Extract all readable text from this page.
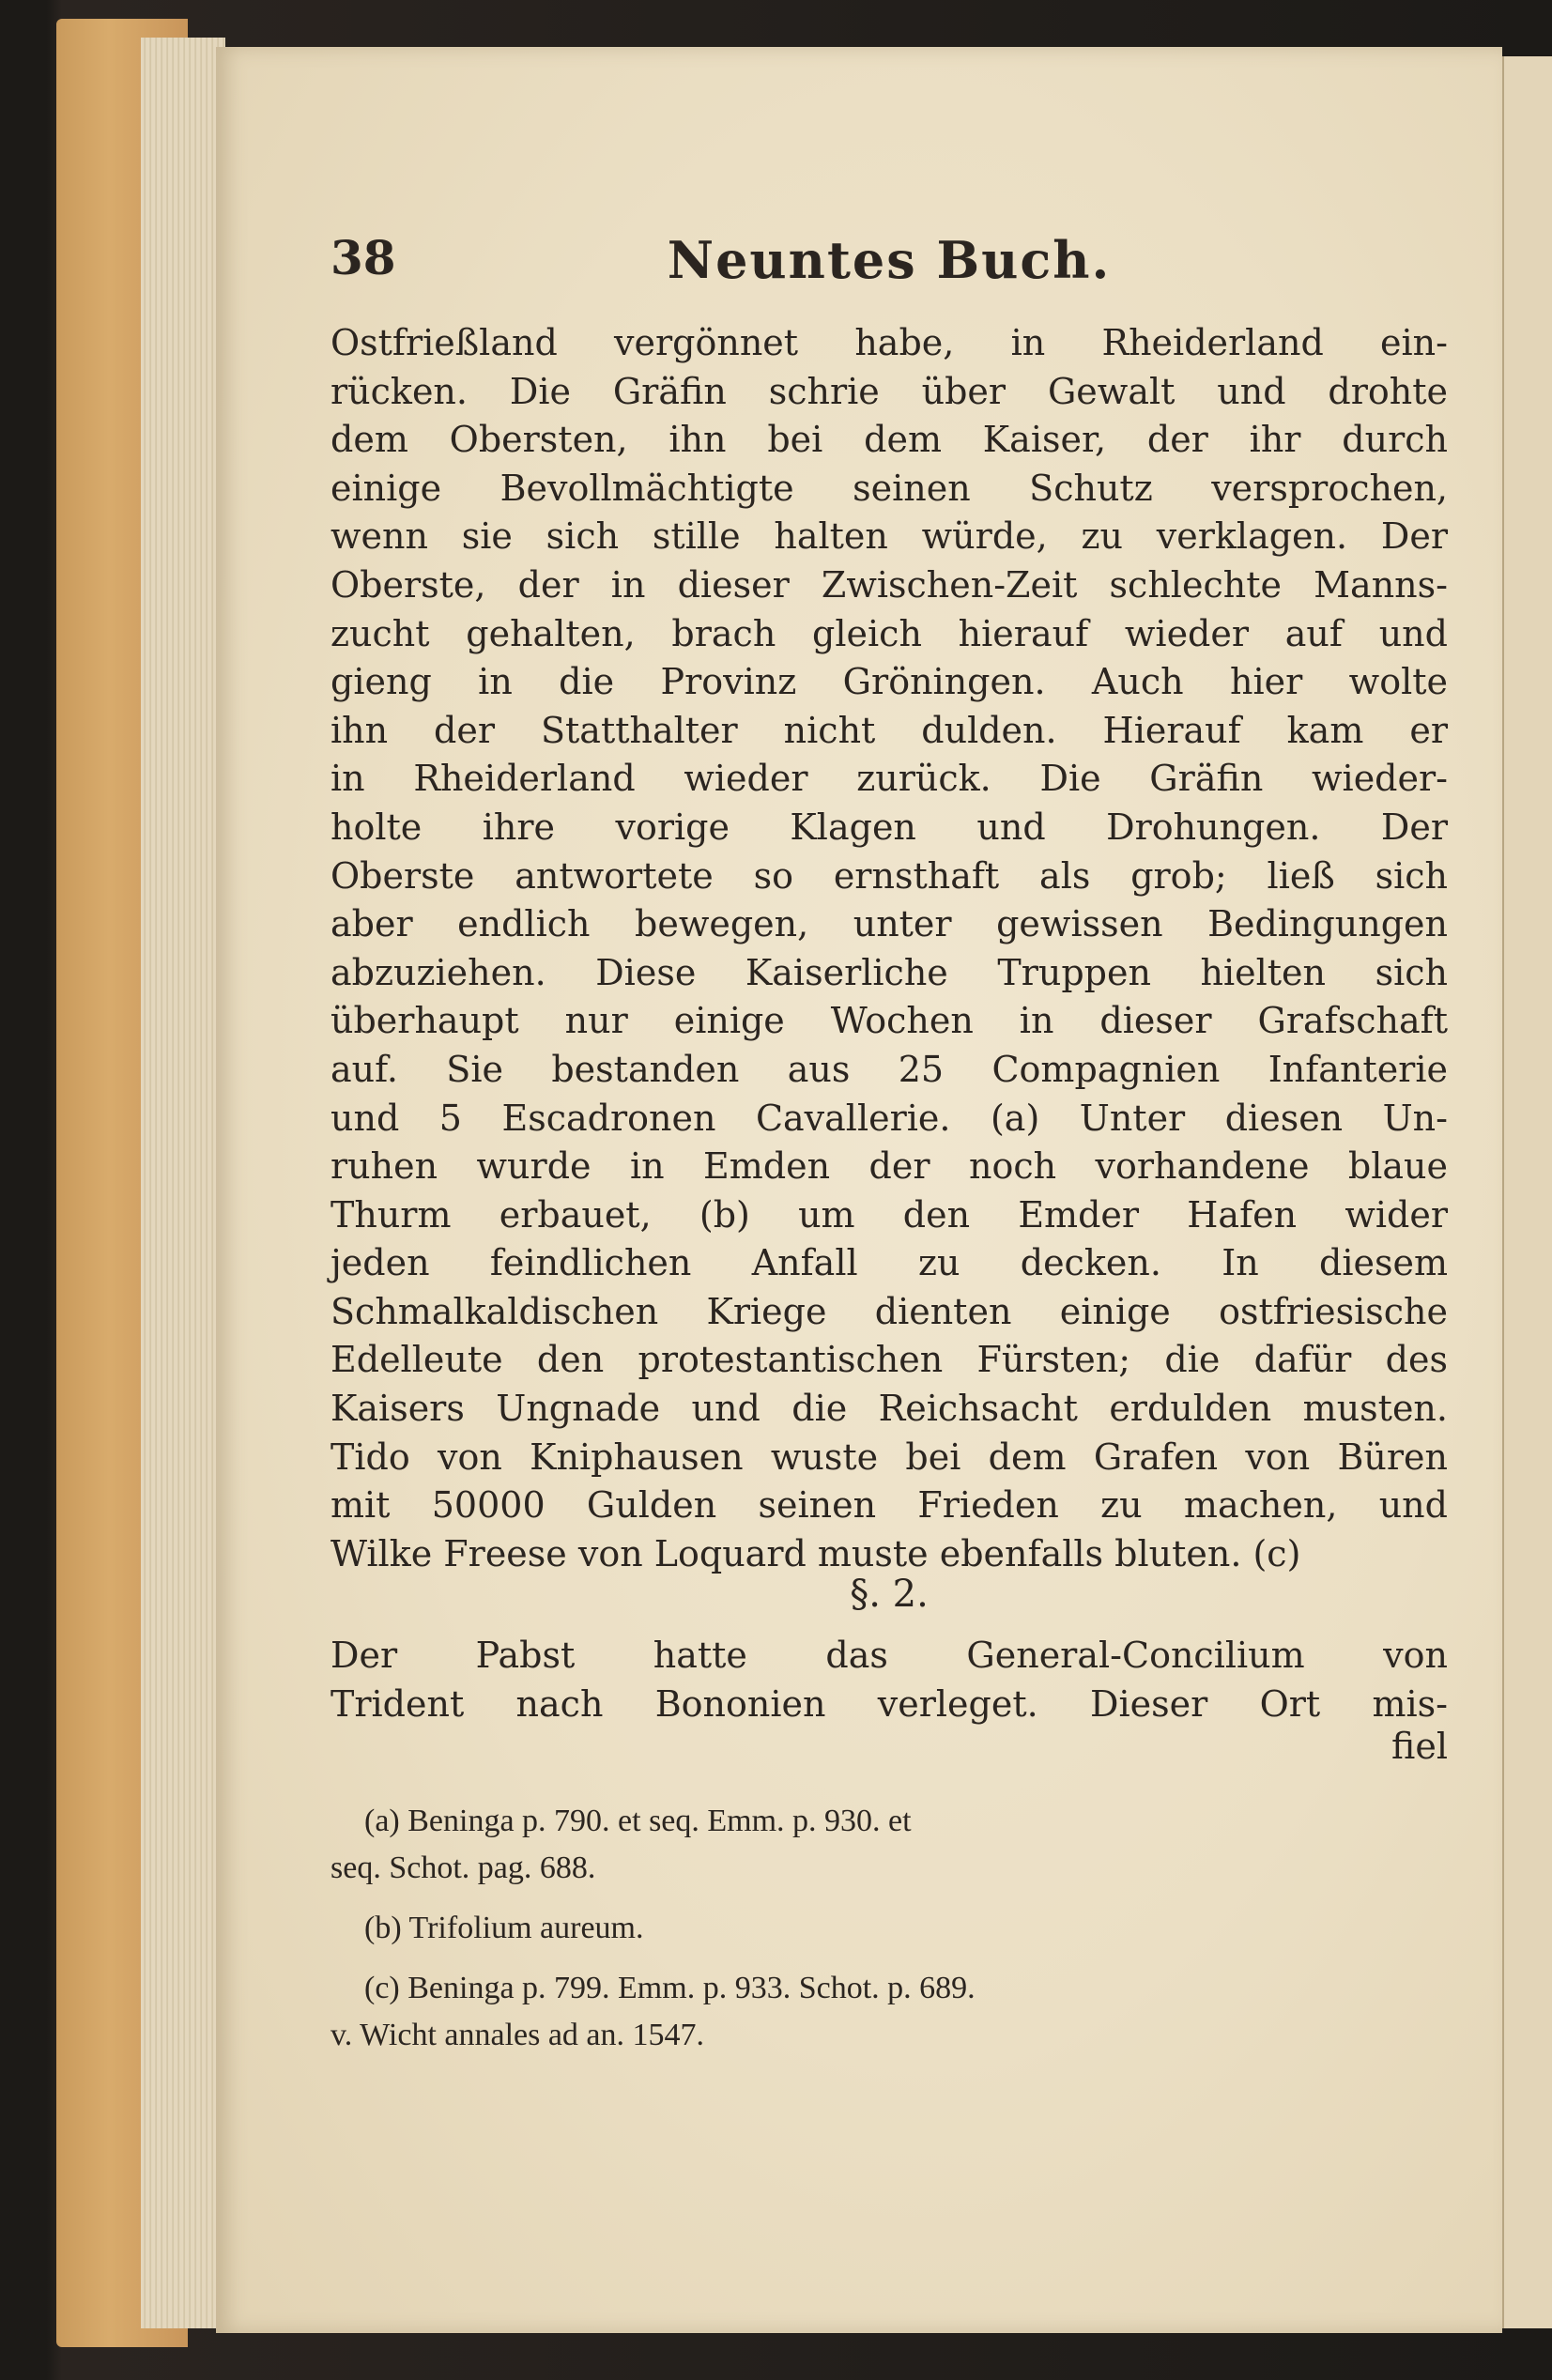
38	Neuntes Buch.
Ostfrießland vergönnet habe, in Rheiderland ein-
rücken. Die Gräfin schrie über Gewalt und drohte
dem Obersten, ihn bei dem Kaiser, der ihr durch
einige Bevollmächtigte seinen Schutz versprochen,
wenn sie sich stille halten würde, zu verklagen. Der
Oberste, der in dieser Zwischen-Zeit schlechte Manns-
zucht gehalten, brach gleich hierauf wieder auf und
gieng in die Provinz Gröningen. Auch hier wolte
ihn der Statthalter nicht dulden. Hierauf kam er
in Rheiderland wieder zurück. Die Gräfin wieder-
holte ihre vorige Klagen und Drohungen. Der
Oberste antwortete so ernsthaft als grob; ließ sich
aber endlich bewegen, unter gewissen Bedingungen
abzuziehen. Diese Kaiserliche Truppen hielten sich
überhaupt nur einige Wochen in dieser Grafschaft
auf. Sie bestanden aus 25 Compagnien Infanterie
und 5 Escadronen Cavallerie. (a) Unter diesen Un-
ruhen wurde in Emden der noch vorhandene blaue
Thurm erbauet, (b) um den Emder Hafen wider
jeden feindlichen Anfall zu decken. In diesem
Schmalkaldischen Kriege dienten einige ostfriesische
Edelleute den protestantischen Fürsten; die dafür des
Kaisers Ungnade und die Reichsacht erdulden musten.
Tido von Kniphausen wuste bei dem Grafen von Büren
mit 50000 Gulden seinen Frieden zu machen, und
Wilke Freese von Loquard muste ebenfalls bluten. (c)
§. 2.
Der Pabst hatte das General-Concilium von
Trident nach Bononien verleget. Dieser Ort mis-
fiel
(a) Beninga p. 790. et seq. Emm. p. 930. et
seq. Schot. pag. 688.
(b) Trifolium aureum.
(c) Beninga p. 799. Emm. p. 933. Schot. p. 689.
v. Wicht annales ad an. 1547.
